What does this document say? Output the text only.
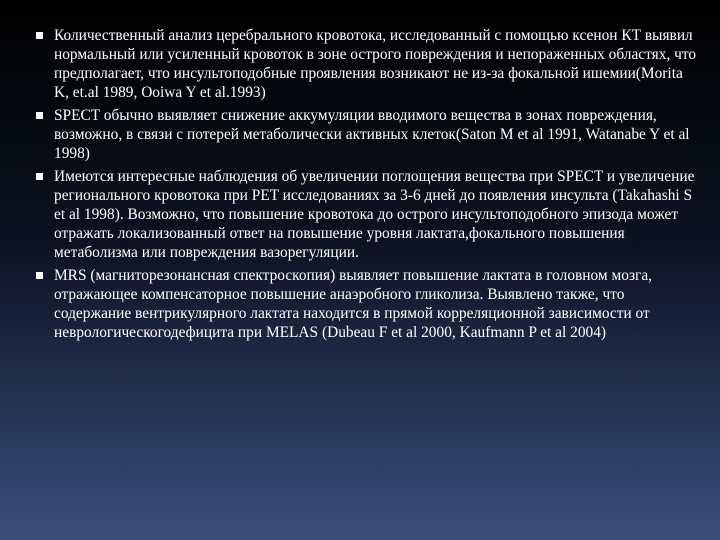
Количественный анализ церебрального кровотока, исследованный с помощью ксенон КТ выявил нормальный или усиленный кровоток в зоне острого повреждения и непораженных областях, что предполагает, что инсультоподобные проявления возникают не из-за фокальной ишемии(Morita K, et.al 1989, Ooiwa Y et al.1993)
SPECT обычно выявляет снижение аккумуляции вводимого вещества в зонах повреждения, возможно, в связи с потерей метаболически активных клеток(Saton M et al 1991, Watanabe Y et al 1998)
Имеются интересные наблюдения об увеличении поглощения вещества при SPECT и увеличение регионального кровотока при PET исследованиях за 3-6 дней до появления инсульта (Takahashi S et al 1998). Возможно, что повышение кровотока до острого инсультоподобного эпизода может отражать локализованный ответ на повышение уровня лактата,фокального повышения метаболизма или повреждения вазорегуляции.
MRS (магниторезонансная спектроскопия) выявляет повышение лактата в головном мозга, отражающее компенсаторное повышение анаэробного гликолиза. Выявлено также, что содержание вентрикулярного лактата находится в прямой корреляционной зависимости от неврологическогодефицита при MELAS (Dubeau F et al 2000, Kaufmann P et al 2004)
